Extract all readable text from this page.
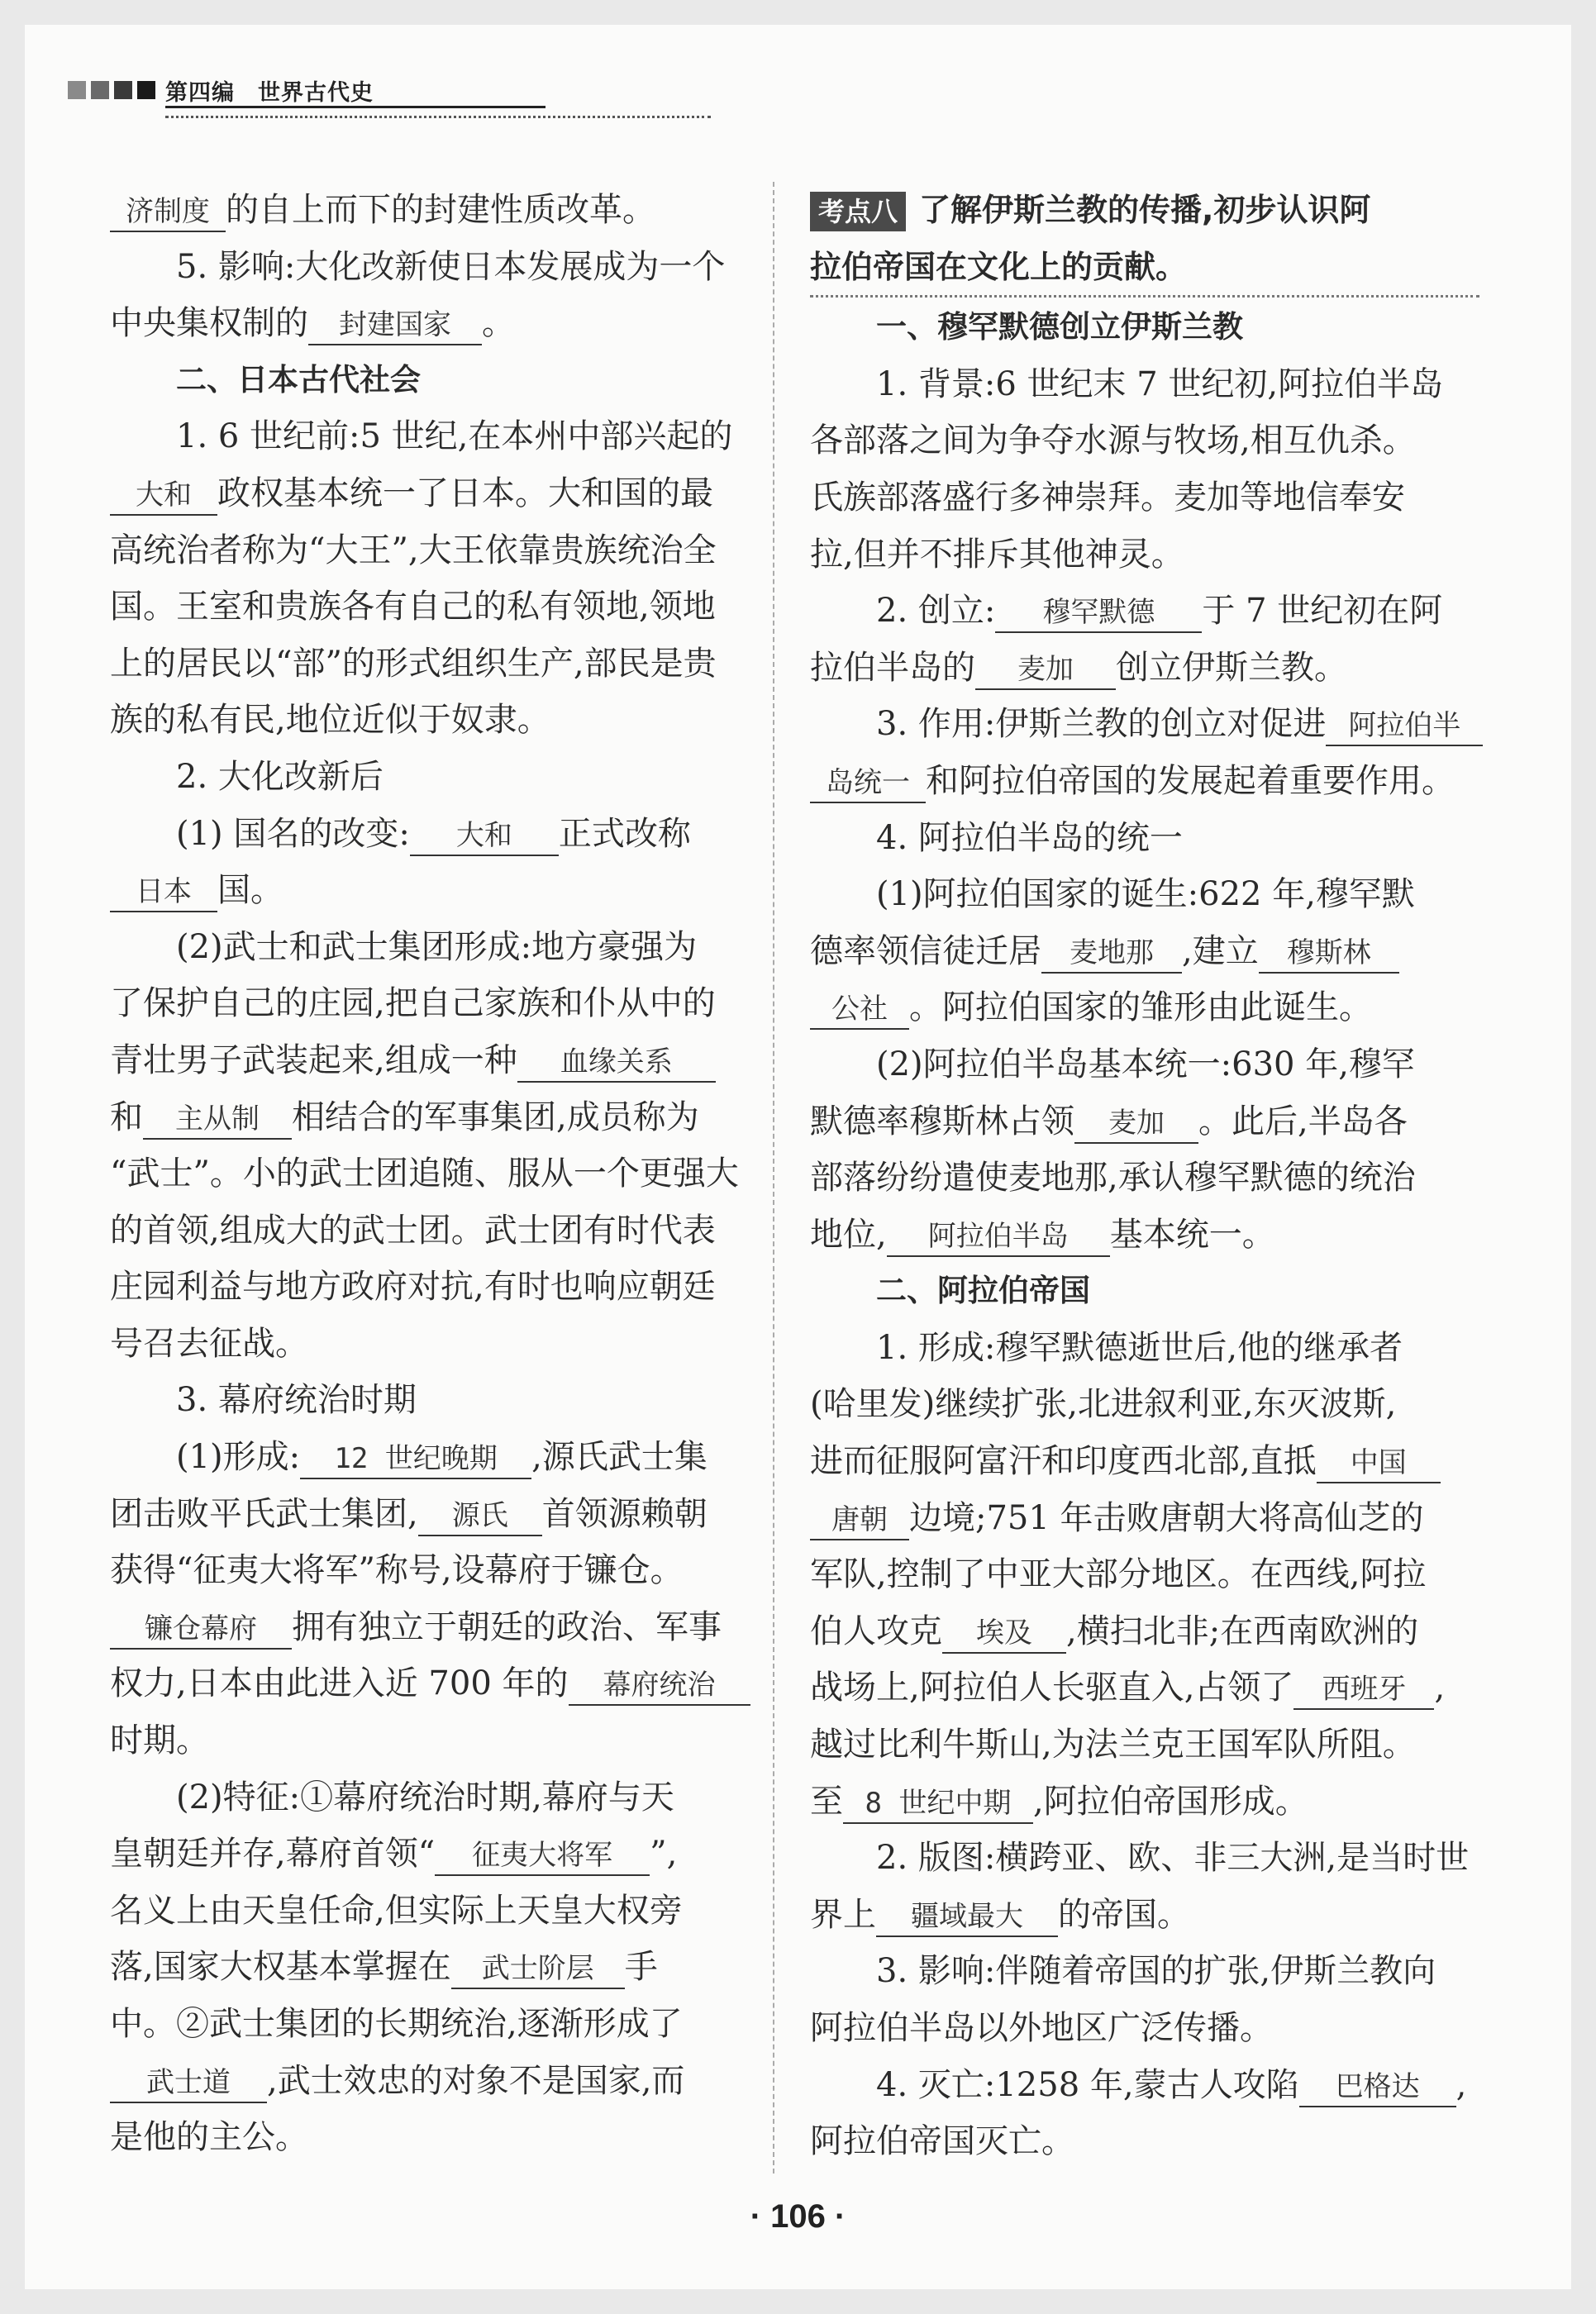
第四编　世界古代史
济制度 的自上而下的封建性质改革。
5. 影响:大化改新使日本发展成为一个
中央集权制的 封建国家 。
二、日本古代社会
1. 6 世纪前:5 世纪,在本州中部兴起的
大和 政权基本统一了日本。大和国的最
高统治者称为“大王”,大王依靠贵族统治全
国。王室和贵族各有自己的私有领地,领地
上的居民以“部”的形式组织生产,部民是贵
族的私有民,地位近似于奴隶。
2. 大化改新后
(1) 国名的改变: 大和 正式改称
日本 国。
(2)武士和武士集团形成:地方豪强为
了保护自己的庄园,把自己家族和仆从中的
青壮男子武装起来,组成一种 血缘关系
和 主从制 相结合的军事集团,成员称为
“武士”。小的武士团追随、服从一个更强大
的首领,组成大的武士团。武士团有时代表
庄园利益与地方政府对抗,有时也响应朝廷
号召去征战。
3. 幕府统治时期
(1)形成: 12 世纪晚期 ,源氏武士集
团击败平氏武士集团, 源氏 首领源赖朝
获得“征夷大将军”称号,设幕府于镰仓。
镰仓幕府 拥有独立于朝廷的政治、军事
权力,日本由此进入近 700 年的 幕府统治
时期。
(2)特征:①幕府统治时期,幕府与天
皇朝廷并存,幕府首领“ 征夷大将军 ”,
名义上由天皇任命,但实际上天皇大权旁
落,国家大权基本掌握在 武士阶层 手
中。②武士集团的长期统治,逐渐形成了
武士道 ,武士效忠的对象不是国家,而
是他的主公。
考点八 了解伊斯兰教的传播,初步认识阿
拉伯帝国在文化上的贡献。
一、穆罕默德创立伊斯兰教
1. 背景:6 世纪末 7 世纪初,阿拉伯半岛
各部落之间为争夺水源与牧场,相互仇杀。
氏族部落盛行多神崇拜。麦加等地信奉安
拉,但并不排斥其他神灵。
2. 创立: 穆罕默德 于 7 世纪初在阿
拉伯半岛的 麦加 创立伊斯兰教。
3. 作用:伊斯兰教的创立对促进 阿拉伯半
岛统一 和阿拉伯帝国的发展起着重要作用。
4. 阿拉伯半岛的统一
(1)阿拉伯国家的诞生:622 年,穆罕默
德率领信徒迁居 麦地那 ,建立 穆斯林
公社 。阿拉伯国家的雏形由此诞生。
(2)阿拉伯半岛基本统一:630 年,穆罕
默德率穆斯林占领 麦加 。此后,半岛各
部落纷纷遣使麦地那,承认穆罕默德的统治
地位, 阿拉伯半岛 基本统一。
二、阿拉伯帝国
1. 形成:穆罕默德逝世后,他的继承者
(哈里发)继续扩张,北进叙利亚,东灭波斯,
进而征服阿富汗和印度西北部,直抵 中国
唐朝 边境;751 年击败唐朝大将高仙芝的
军队,控制了中亚大部分地区。在西线,阿拉
伯人攻克 埃及 ,横扫北非;在西南欧洲的
战场上,阿拉伯人长驱直入,占领了 西班牙 ,
越过比利牛斯山,为法兰克王国军队所阻。
至 8 世纪中期 ,阿拉伯帝国形成。
2. 版图:横跨亚、欧、非三大洲,是当时世
界上 疆域最大 的帝国。
3. 影响:伴随着帝国的扩张,伊斯兰教向
阿拉伯半岛以外地区广泛传播。
4. 灭亡:1258 年,蒙古人攻陷 巴格达 ,
阿拉伯帝国灭亡。
· 106 ·
